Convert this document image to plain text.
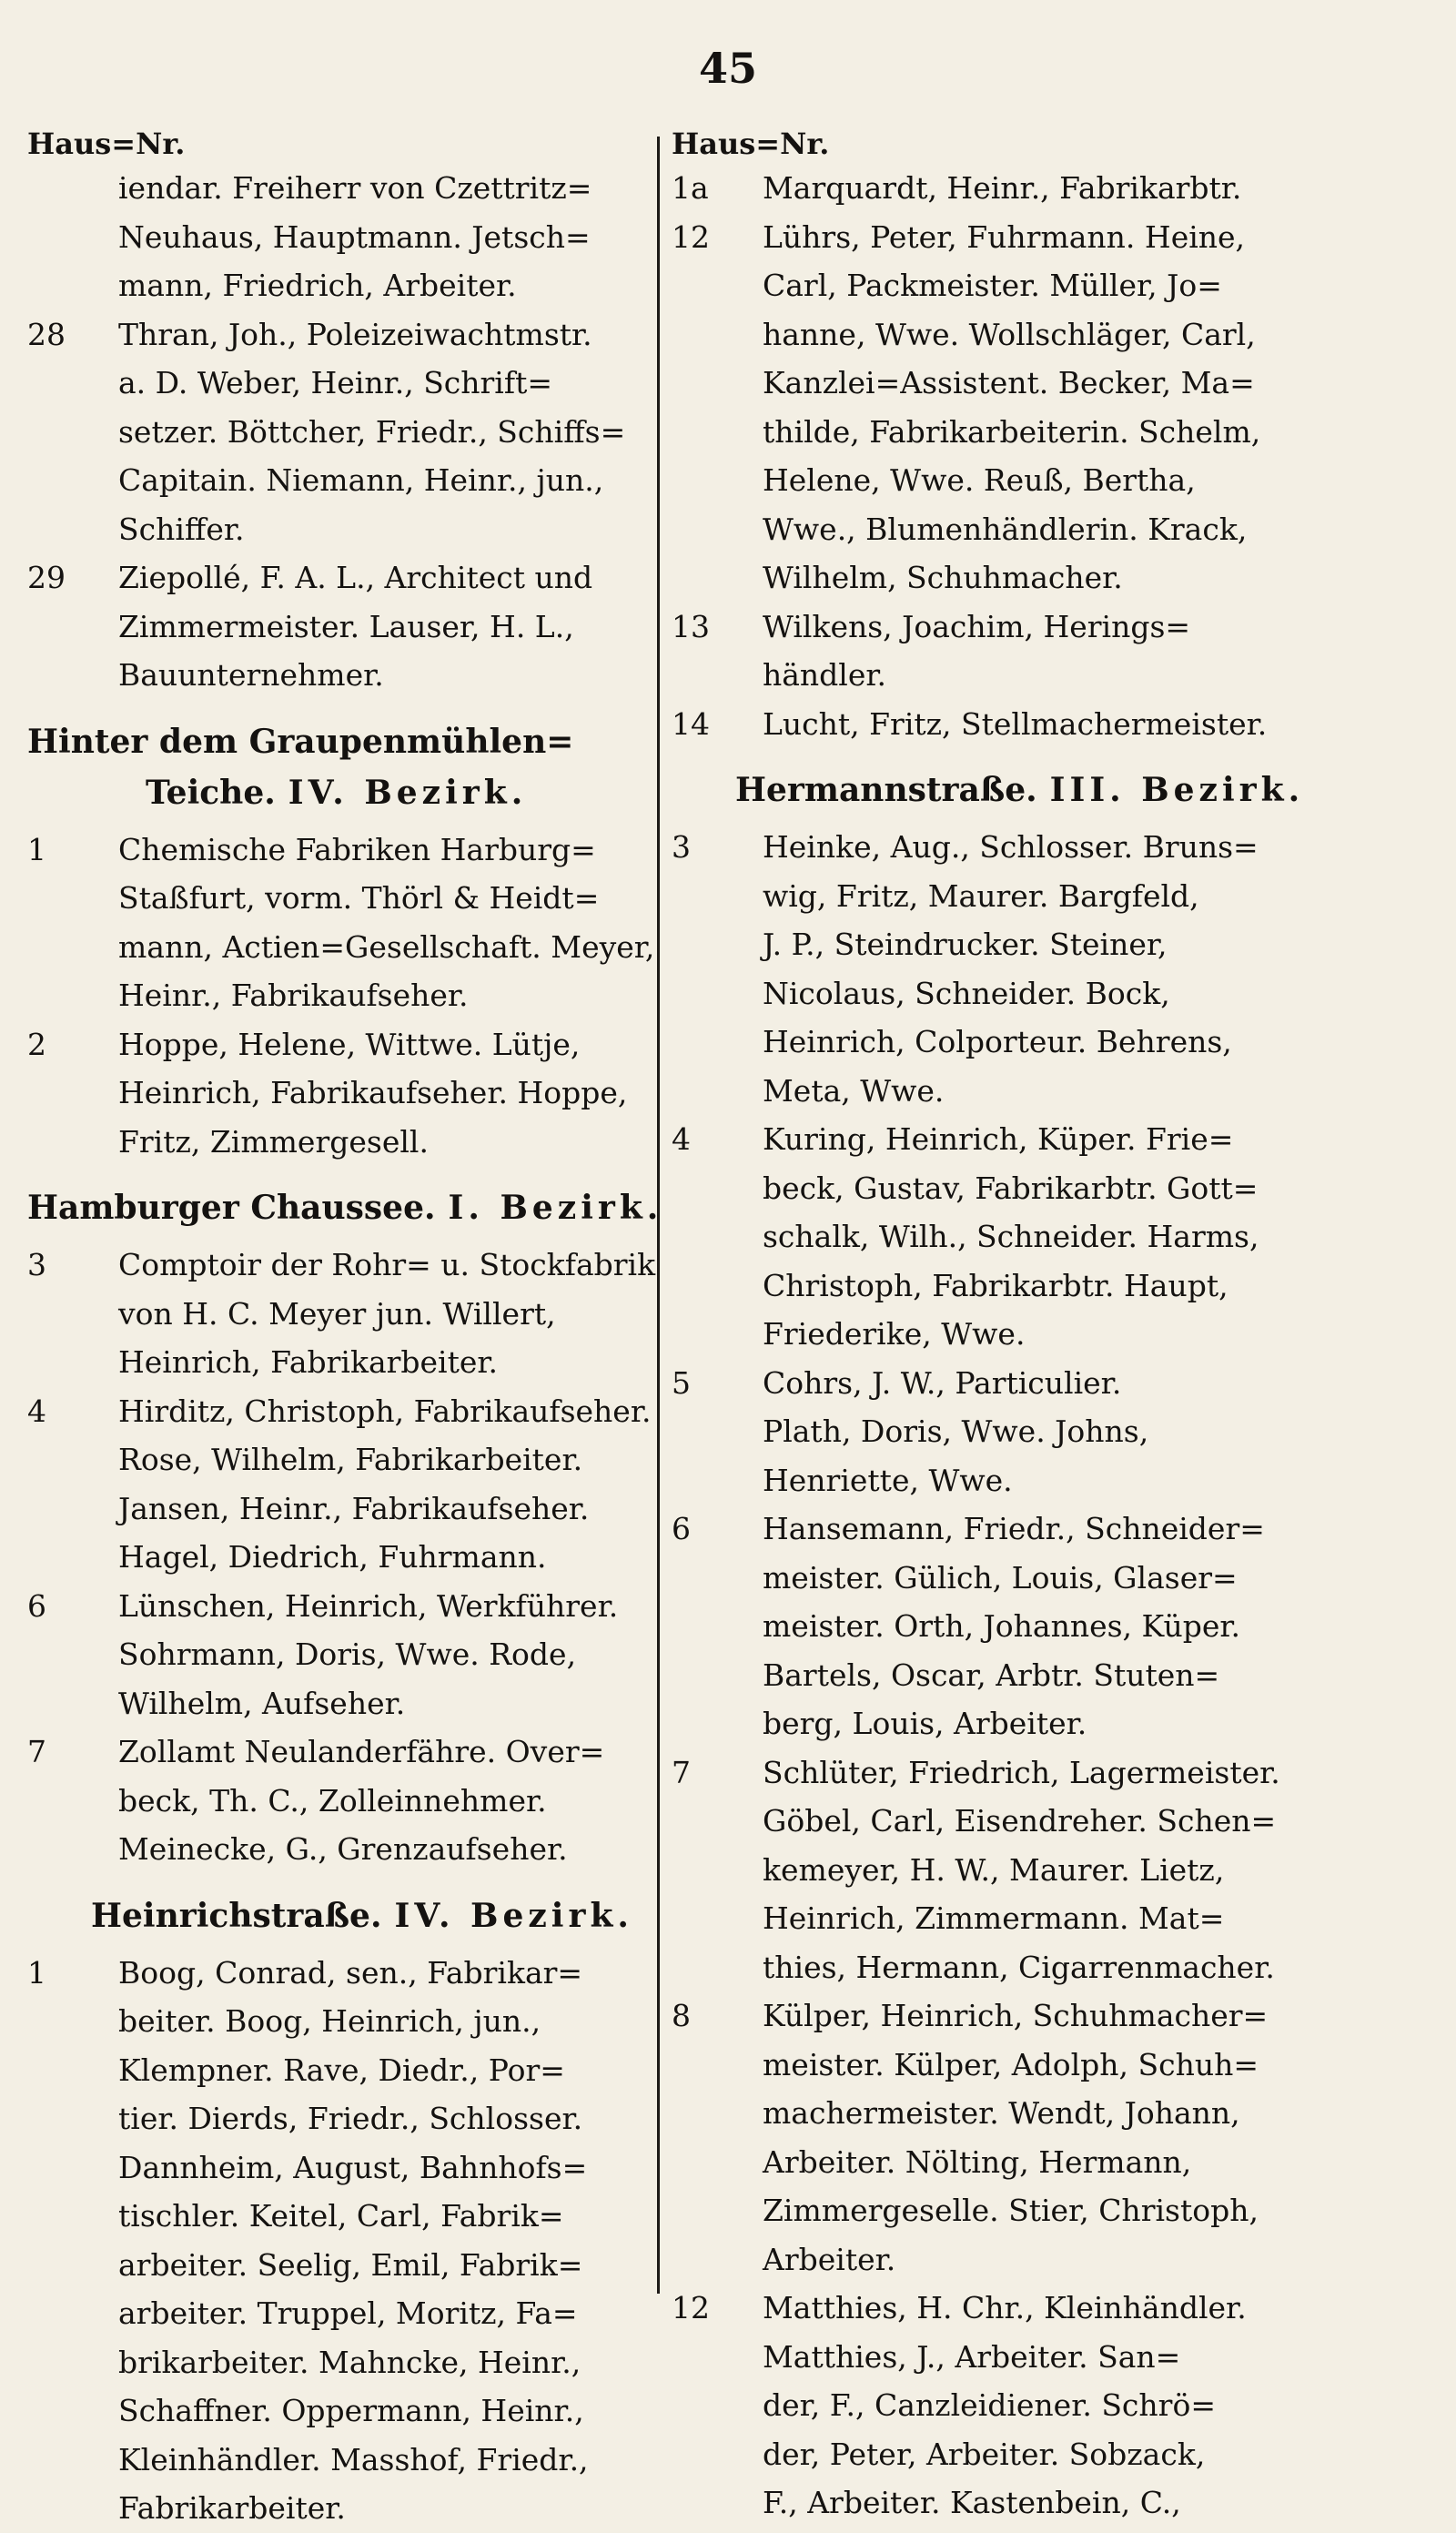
45
Haus=Nr.
iendar. Freiherr von Czettritz=
Neuhaus, Hauptmann. Jetsch=
mann, Friedrich, Arbeiter.
28	Thran, Joh., Poleizeiwachtmstr.
a. D. Weber, Heinr., Schrift=
setzer. Böttcher, Friedr., Schiffs=
Capitain. Niemann, Heinr., jun.,
Schiffer.
29	Ziepollé, F. A. L., Architect und
Zimmermeister. Lauser, H. L.,
Bauunternehmer.
Hinter dem Graupenmühlen=
Teiche. IV. Bezirk.
1	Chemische Fabriken Harburg=
Staßfurt, vorm. Thörl & Heidt=
mann, Actien=Gesellschaft. Meyer,
Heinr., Fabrikaufseher.
2	Hoppe, Helene, Wittwe. Lütje,
Heinrich, Fabrikaufseher. Hoppe,
Fritz, Zimmergesell.
Hamburger Chaussee. I. Bezirk.
3	Comptoir der Rohr= u. Stockfabrik
von H. C. Meyer jun. Willert,
Heinrich, Fabrikarbeiter.
4	Hirditz, Christoph, Fabrikaufseher.
Rose, Wilhelm, Fabrikarbeiter.
Jansen, Heinr., Fabrikaufseher.
Hagel, Diedrich, Fuhrmann.
6	Lünschen, Heinrich, Werkführer.
Sohrmann, Doris, Wwe. Rode,
Wilhelm, Aufseher.
7	Zollamt Neulanderfähre. Over=
beck, Th. C., Zolleinnehmer.
Meinecke, G., Grenzaufseher.
Heinrichstraße. IV. Bezirk.
1	Boog, Conrad, sen., Fabrikar=
beiter. Boog, Heinrich, jun.,
Klempner. Rave, Diedr., Por=
tier. Dierds, Friedr., Schlosser.
Dannheim, August, Bahnhofs=
tischler. Keitel, Carl, Fabrik=
arbeiter. Seelig, Emil, Fabrik=
arbeiter. Truppel, Moritz, Fa=
brikarbeiter. Mahncke, Heinr.,
Schaffner. Oppermann, Heinr.,
Kleinhändler. Masshof, Friedr.,
Fabrikarbeiter.
Haus=Nr.
1a	Marquardt, Heinr., Fabrikarbtr.
12	Lührs, Peter, Fuhrmann. Heine,
Carl, Packmeister. Müller, Jo=
hanne, Wwe. Wollschläger, Carl,
Kanzlei=Assistent. Becker, Ma=
thilde, Fabrikarbeiterin. Schelm,
Helene, Wwe. Reuß, Bertha,
Wwe., Blumenhändlerin. Krack,
Wilhelm, Schuhmacher.
13	Wilkens, Joachim, Herings=
händler.
14	Lucht, Fritz, Stellmachermeister.
Hermannstraße. III. Bezirk.
3	Heinke, Aug., Schlosser. Bruns=
wig, Fritz, Maurer. Bargfeld,
J. P., Steindrucker. Steiner,
Nicolaus, Schneider. Bock,
Heinrich, Colporteur. Behrens,
Meta, Wwe.
4	Kuring, Heinrich, Küper. Frie=
beck, Gustav, Fabrikarbtr. Gott=
schalk, Wilh., Schneider. Harms,
Christoph, Fabrikarbtr. Haupt,
Friederike, Wwe.
5	Cohrs, J. W., Particulier.
Plath, Doris, Wwe. Johns,
Henriette, Wwe.
6	Hansemann, Friedr., Schneider=
meister. Gülich, Louis, Glaser=
meister. Orth, Johannes, Küper.
Bartels, Oscar, Arbtr. Stuten=
berg, Louis, Arbeiter.
7	Schlüter, Friedrich, Lagermeister.
Göbel, Carl, Eisendreher. Schen=
kemeyer, H. W., Maurer. Lietz,
Heinrich, Zimmermann. Mat=
thies, Hermann, Cigarrenmacher.
8	Külper, Heinrich, Schuhmacher=
meister. Külper, Adolph, Schuh=
machermeister. Wendt, Johann,
Arbeiter. Nölting, Hermann,
Zimmergeselle. Stier, Christoph,
Arbeiter.
12	Matthies, H. Chr., Kleinhändler.
Matthies, J., Arbeiter. San=
der, F., Canzleidiener. Schrö=
der, Peter, Arbeiter. Sobzack,
F., Arbeiter. Kastenbein, C.,
